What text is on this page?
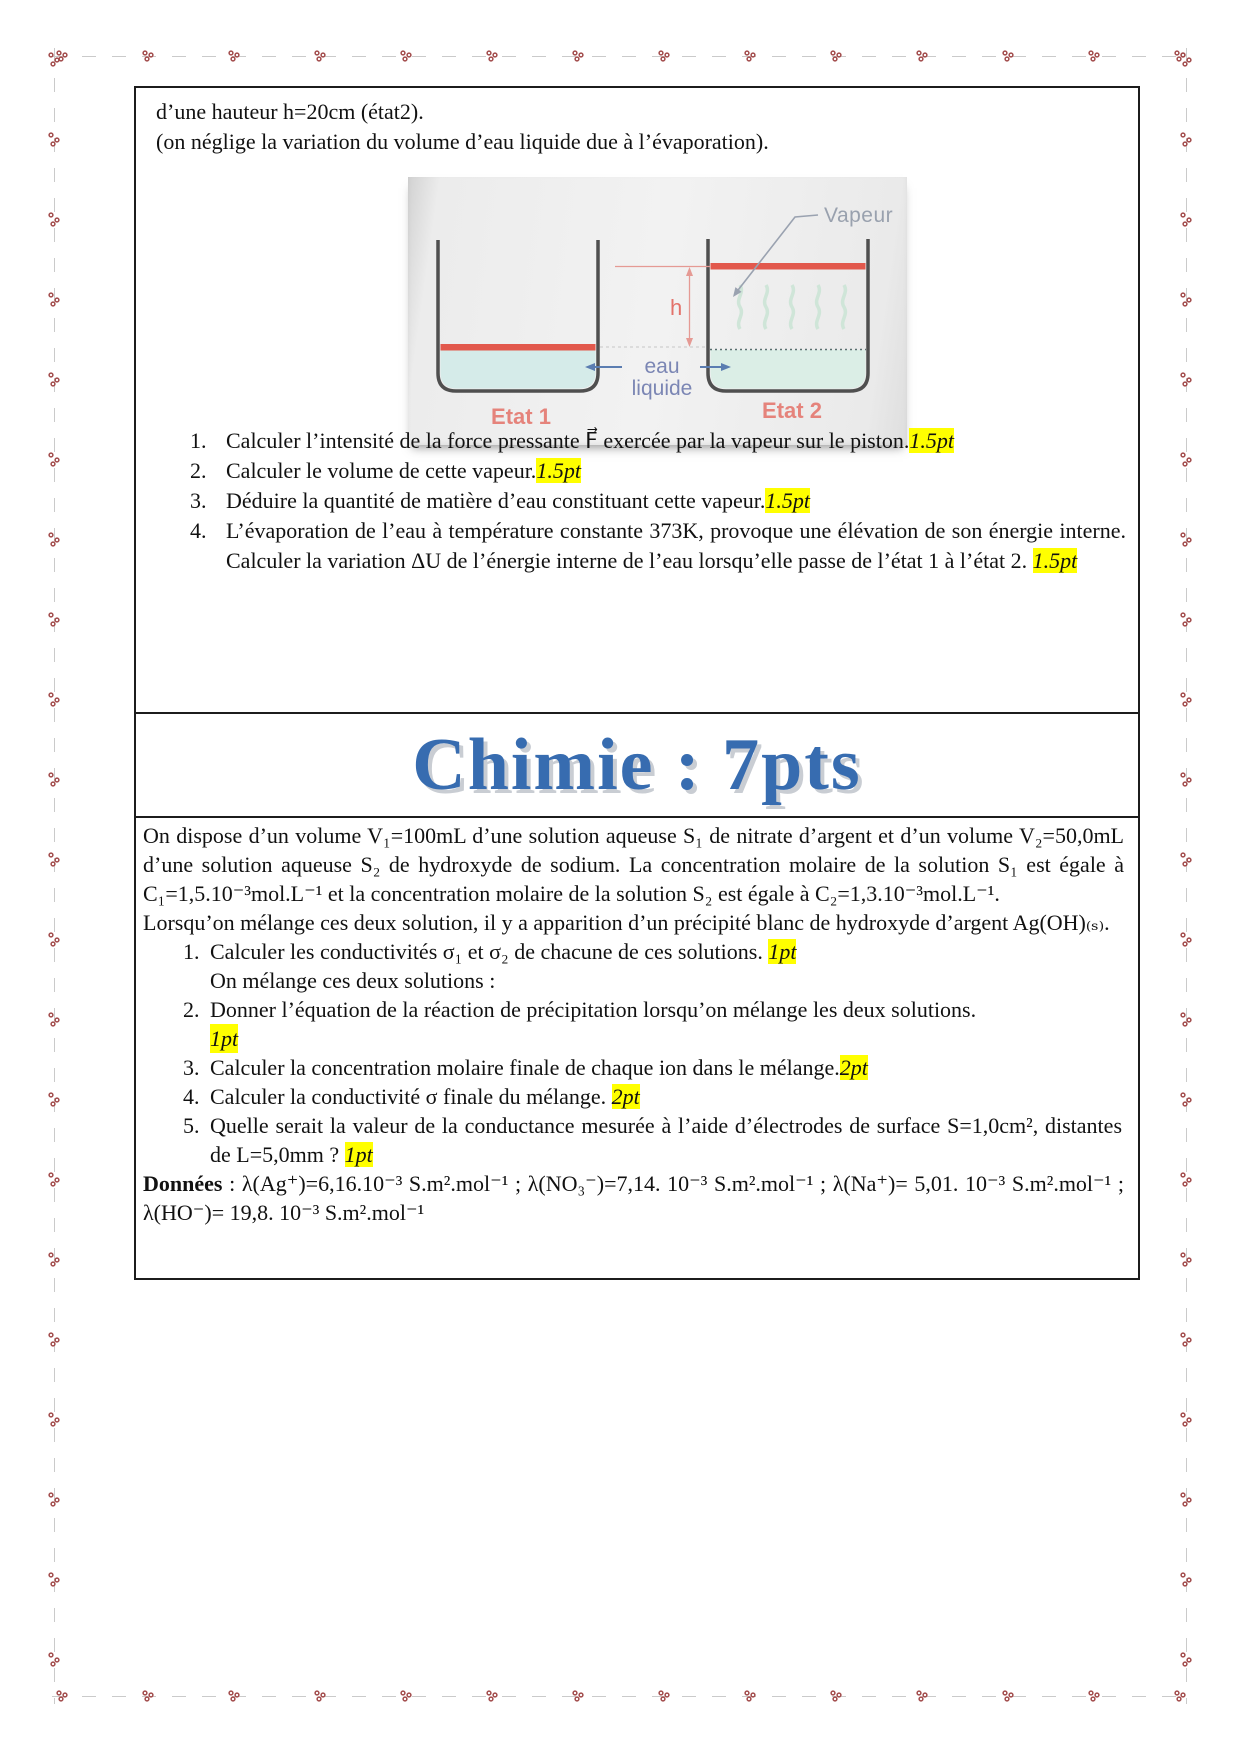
d’une hauteur h=20cm (état2).
(on néglige la variation du volume d’eau liquide due à l’évaporation).
h
Vapeur
eau
liquide
Etat 1	Etat 2
1. Calculer l’intensité de la force pressante F⃗ exercée par la vapeur sur le piston.1.5pt
2. Calculer le volume de cette vapeur.1.5pt
3. Déduire la quantité de matière d’eau constituant cette vapeur.1.5pt
4. L’évaporation de l’eau à température constante 373K, provoque une élévation de son énergie interne. Calculer la variation ΔU de l’énergie interne de l’eau lorsqu’elle passe de l’état 1 à l’état 2. 1.5pt
Chimie : 7pts
On dispose d’un volume V₁=100mL d’une solution aqueuse S₁ de nitrate d’argent et d’un volume V₂=50,0mL d’une solution aqueuse S₂ de hydroxyde de sodium. La concentration molaire de la solution S₁ est égale à C₁=1,5.10⁻³mol.L⁻¹ et la concentration molaire de la solution S₂ est égale à C₂=1,3.10⁻³mol.L⁻¹.
Lorsqu’on mélange ces deux solution, il y a apparition d’un précipité blanc de hydroxyde d’argent Ag(OH)₍ₛ₎.
1. Calculer les conductivités σ₁ et σ₂ de chacune de ces solutions. 1pt
On mélange ces deux solutions :
2. Donner l’équation de la réaction de précipitation lorsqu’on mélange les deux solutions.
1pt
3. Calculer la concentration molaire finale de chaque ion dans le mélange.2pt
4. Calculer la conductivité σ finale du mélange. 2pt
5. Quelle serait la valeur de la conductance mesurée à l’aide d’électrodes de surface S=1,0cm², distantes de L=5,0mm ? 1pt
Données : λ(Ag⁺)=6,16.10⁻³ S.m².mol⁻¹ ; λ(NO₃⁻)=7,14. 10⁻³ S.m².mol⁻¹ ; λ(Na⁺)= 5,01. 10⁻³ S.m².mol⁻¹ ; λ(HO⁻)= 19,8. 10⁻³ S.m².mol⁻¹
